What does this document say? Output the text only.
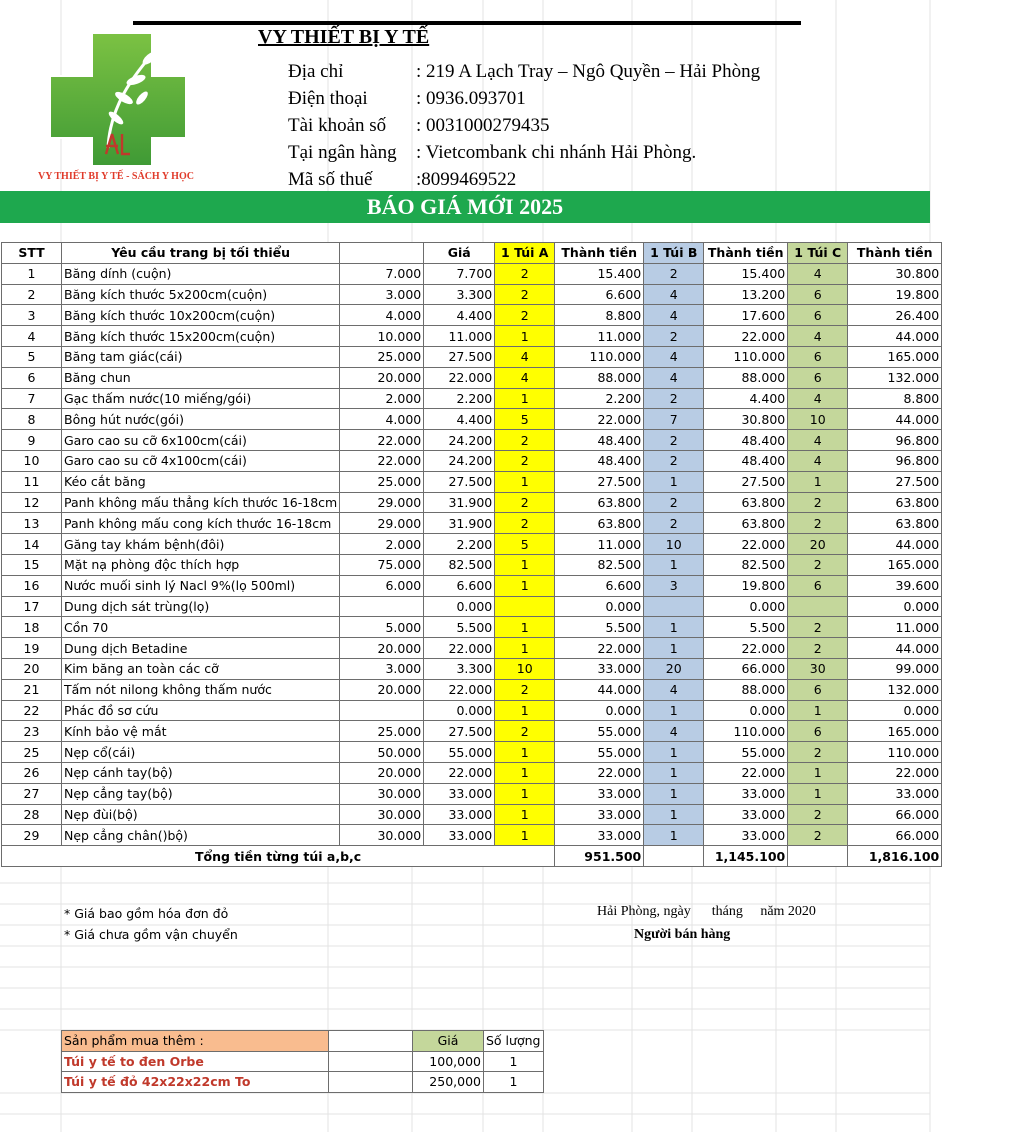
VY THIẾT BỊ Y TẾ - SÁCH Y HỌC
VY THIẾT BỊ Y TẾ
Địa chỉ	: 219 A Lạch Tray – Ngô Quyền – Hải Phòng
Điện thoại	: 0936.093701
Tài khoản số : 0031000279435
Tại ngân hàng : Vietcombank chi nhánh Hải Phòng.
Mã số thuế :8099469522
BÁO GIÁ MỚI 2025
STT	Yêu cầu trang bị tối thiểu		Giá	1 Túi A	Thành tiền	1 Túi B	Thành tiền	1 Túi C	Thành tiền
1	Băng dính (cuộn)	7.000	7.700	2	15.400	2	15.400	4	30.800
2	Băng kích thước 5x200cm(cuộn)	3.000	3.300	2	6.600	4	13.200	6	19.800
3	Băng kích thước 10x200cm(cuộn)	4.000	4.400	2	8.800	4	17.600	6	26.400
4	Băng kích thước 15x200cm(cuộn)	10.000	11.000	1	11.000	2	22.000	4	44.000
5	Băng tam giác(cái)	25.000	27.500	4	110.000	4	110.000	6	165.000
6	Băng chun	20.000	22.000	4	88.000	4	88.000	6	132.000
7	Gạc thấm nước(10 miếng/gói)	2.000	2.200	1	2.200	2	4.400	4	8.800
8	Bông hút nước(gói)	4.000	4.400	5	22.000	7	30.800	10	44.000
9	Garo cao su cỡ 6x100cm(cái)	22.000	24.200	2	48.400	2	48.400	4	96.800
10	Garo cao su cỡ 4x100cm(cái)	22.000	24.200	2	48.400	2	48.400	4	96.800
11	Kéo cắt băng	25.000	27.500	1	27.500	1	27.500	1	27.500
12	Panh không mấu thẳng kích thước 16-18cm	29.000	31.900	2	63.800	2	63.800	2	63.800
13	Panh không mấu cong kích thước 16-18cm	29.000	31.900	2	63.800	2	63.800	2	63.800
14	Găng tay khám bệnh(đôi)	2.000	2.200	5	11.000	10	22.000	20	44.000
15	Mặt nạ phòng độc thích hợp	75.000	82.500	1	82.500	1	82.500	2	165.000
16	Nước muối sinh lý Nacl 9%(lọ 500ml)	6.000	6.600	1	6.600	3	19.800	6	39.600
17	Dung dịch sát trùng(lọ)		0.000		0.000		0.000		0.000
18	Cồn 70	5.000	5.500	1	5.500	1	5.500	2	11.000
19	Dung dịch Betadine	20.000	22.000	1	22.000	1	22.000	2	44.000
20	Kim băng an toàn các cỡ	3.000	3.300	10	33.000	20	66.000	30	99.000
21	Tấm nót nilong không thấm nước	20.000	22.000	2	44.000	4	88.000	6	132.000
22	Phác đồ sơ cứu		0.000	1	0.000	1	0.000	1	0.000
23	Kính bảo vệ mắt	25.000	27.500	2	55.000	4	110.000	6	165.000
25	Nẹp cổ(cái)	50.000	55.000	1	55.000	1	55.000	2	110.000
26	Nẹp cánh tay(bộ)	20.000	22.000	1	22.000	1	22.000	1	22.000
27	Nẹp cẳng tay(bộ)	30.000	33.000	1	33.000	1	33.000	1	33.000
28	Nẹp đùi(bộ)	30.000	33.000	1	33.000	1	33.000	2	66.000
29	Nẹp cẳng chân()bộ)	30.000	33.000	1	33.000	1	33.000	2	66.000
Tổng tiền từng túi a,b,c					951.500		1,145.100		1,816.100
* Giá bao gồm hóa đơn đỏ
* Giá chưa gồm vận chuyển
Hải Phòng, ngày      tháng     năm 2020
Người bán hàng
Sản phẩm mua thêm :		Giá	Số lượng
Túi y tế to đen Orbe		100,000	1
Túi y tế đỏ 42x22x22cm To		250,000	1
